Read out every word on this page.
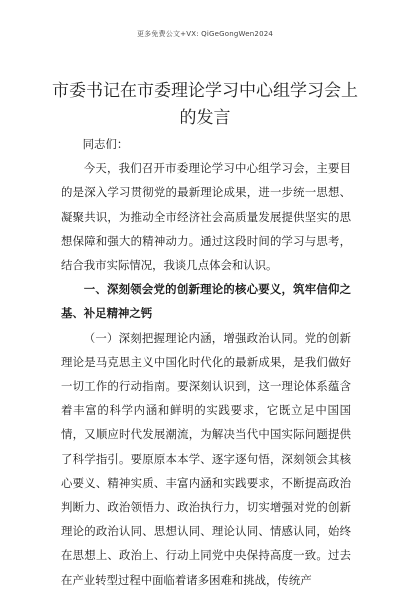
更多免费公文+VX: QiGeGongWen2024
市委书记在市委理论学习中心组学习会上的发言

同志们：

今天，我们召开市委理论学习中心组学习会，主要目的是深入学习贯彻党的最新理论成果，进一步统一思想、凝聚共识，为推动全市经济社会高质量发展提供坚实的思想保障和强大的精神动力。通过这段时间的学习与思考，结合我市实际情况，我谈几点体会和认识。

一、深刻领会党的创新理论的核心要义，筑牢信仰之基、补足精神之钙

（一）深刻把握理论内涵，增强政治认同。党的创新理论是马克思主义中国化时代化的最新成果，是我们做好一切工作的行动指南。要深刻认识到，这一理论体系蕴含着丰富的科学内涵和鲜明的实践要求，它既立足中国国情，又顺应时代发展潮流，为解决当代中国实际问题提供了科学指引。要原原本本学、逐字逐句悟，深刻领会其核心要义、精神实质、丰富内涵和实践要求，不断提高政治判断力、政治领悟力、政治执行力，切实增强对党的创新理论的政治认同、思想认同、理论认同、情感认同，始终在思想上、政治上、行动上同党中央保持高度一致。过去在产业转型过程中面临着诸多困难和挑战，传统产
